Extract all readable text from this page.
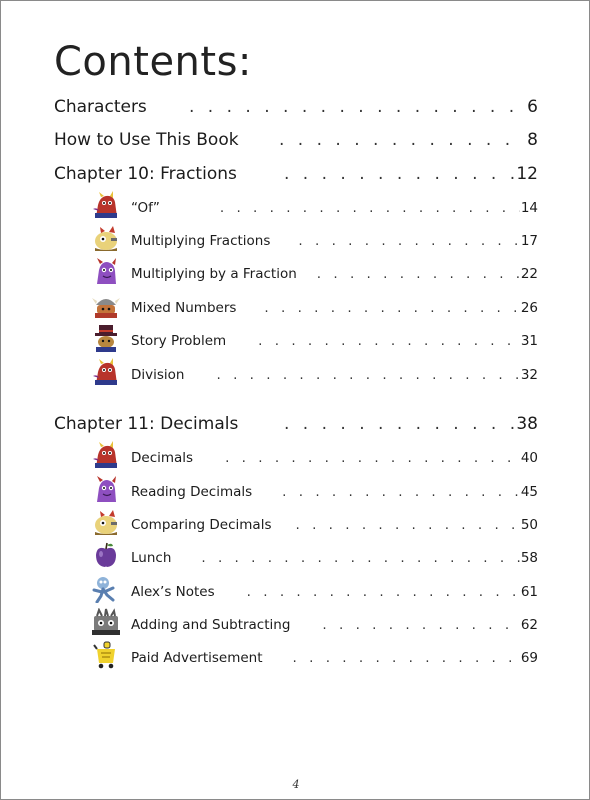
Contents:
Characters . . .	6
How to Use This Book . . .	8
Chapter 10: Fractions . . .	12
“Of” . . .	14
Multiplying Fractions . . .	17
Multiplying by a Fraction . . .	22
Mixed Numbers . . .	26
Story Problem . . .	31
Division . . .	32
Chapter 11: Decimals . . .	38
Decimals . . .	40
Reading Decimals . . .	45
Comparing Decimals . . .	50
Lunch . . .	58
Alex’s Notes . . .	61
Adding and Subtracting . . .	62
Paid Advertisement . . .	69
4
